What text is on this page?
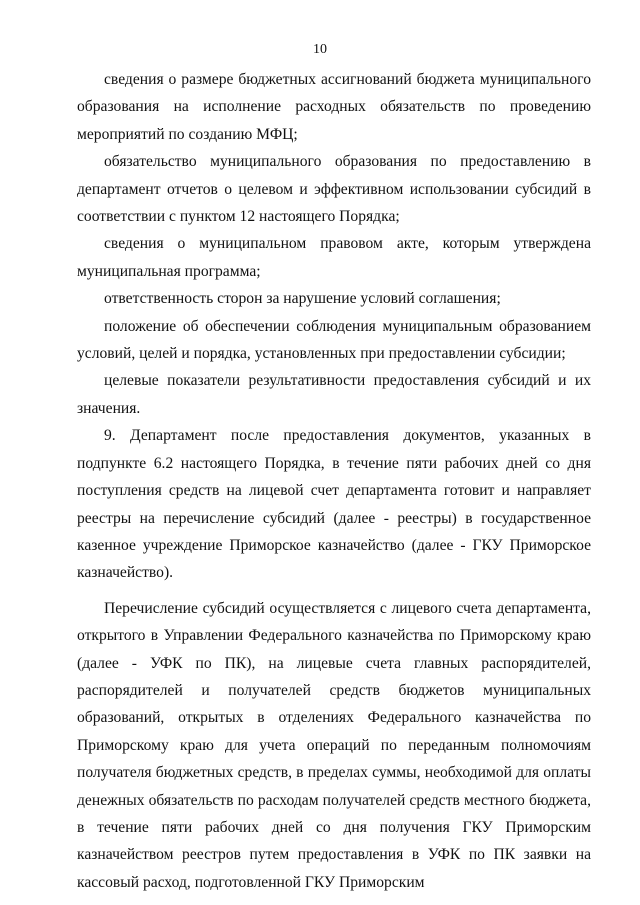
10

сведения о размере бюджетных ассигнований бюджета муниципального образования на исполнение расходных обязательств по проведению мероприятий по созданию МФЦ;

обязательство муниципального образования по предоставлению в департамент отчетов о целевом и эффективном использовании субсидий в соответствии с пунктом 12 настоящего Порядка;

сведения о муниципальном правовом акте, которым утверждена муниципальная программа;

ответственность сторон за нарушение условий соглашения;

положение об обеспечении соблюдения муниципальным образованием условий, целей и порядка, установленных при предоставлении субсидии;

целевые показатели результативности предоставления субсидий и их значения.

9. Департамент после предоставления документов, указанных в подпункте 6.2 настоящего Порядка, в течение пяти рабочих дней со дня поступления средств на лицевой счет департамента готовит и направляет реестры на перечисление субсидий (далее - реестры) в государственное казенное учреждение Приморское казначейство (далее - ГКУ Приморское казначейство).

Перечисление субсидий осуществляется с лицевого счета департамента, открытого в Управлении Федерального казначейства по Приморскому краю (далее - УФК по ПК), на лицевые счета главных распорядителей, распорядителей и получателей средств бюджетов муниципальных образований, открытых в отделениях Федерального казначейства по Приморскому краю для учета операций по переданным полномочиям получателя бюджетных средств, в пределах суммы, необходимой для оплаты денежных обязательств по расходам получателей средств местного бюджета, в течение пяти рабочих дней со дня получения ГКУ Приморским казначейством реестров путем предоставления в УФК по ПК заявки на кассовый расход, подготовленной ГКУ Приморским
